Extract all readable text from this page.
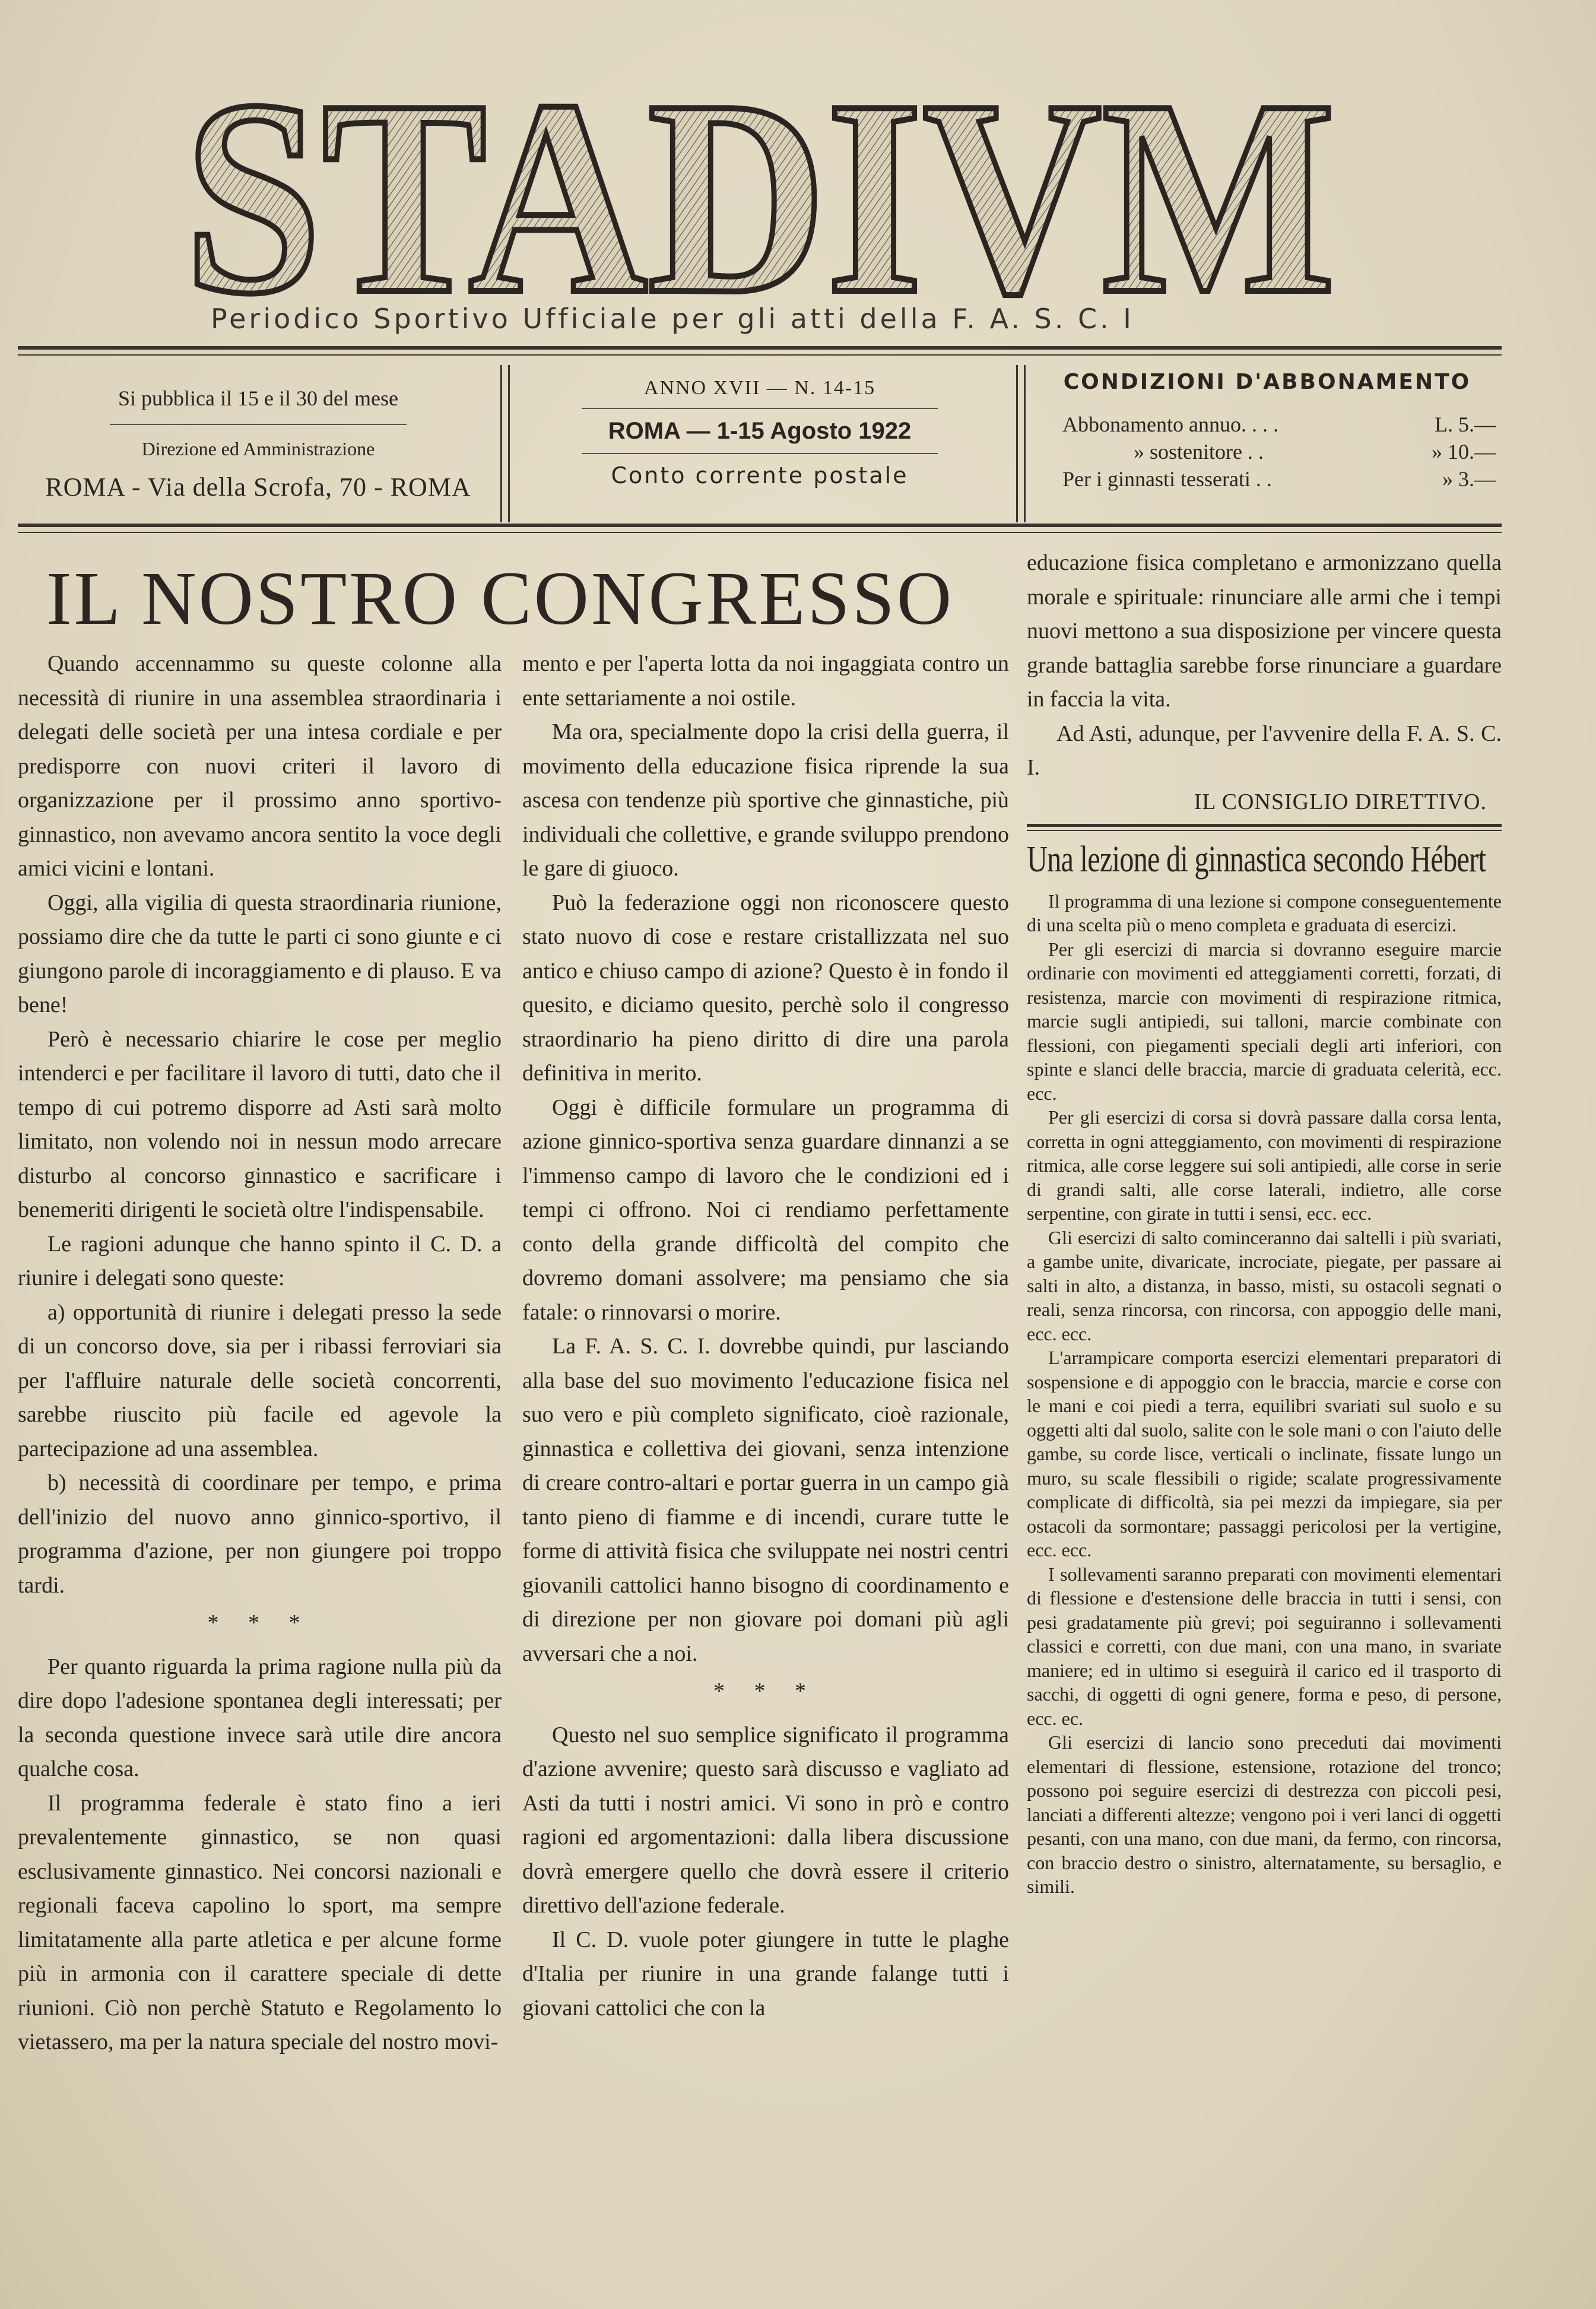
STADIVM
Periodico Sportivo Ufficiale per gli atti della F. A. S. C. I
Si pubblica il 15 e il 30 del mese
Direzione ed Amministrazione
ROMA - Via della Scrofa, 70 - ROMA
ANNO XVII — N. 14-15
ROMA — 1-15 Agosto 1922
Conto corrente postale
CONDIZIONI D'ABBONAMENTO
Abbonamento annuo. . . .	L. 5.—
» sostenitore . .	» 10.—
Per i ginnasti tesserati . .	» 3.—
IL NOSTRO CONGRESSO

Quando accennammo su queste colonne alla necessità di riunire in una assemblea straordinaria i delegati delle società per una intesa cordiale e per predisporre con nuovi criteri il lavoro di organizzazione per il prossimo anno sportivo-ginnastico, non avevamo ancora sentito la voce degli amici vicini e lontani.

Oggi, alla vigilia di questa straordinaria riunione, possiamo dire che da tutte le parti ci sono giunte e ci giungono parole di incoraggiamento e di plauso. E va bene!

Però è necessario chiarire le cose per meglio intenderci e per facilitare il lavoro di tutti, dato che il tempo di cui potremo disporre ad Asti sarà molto limitato, non volendo noi in nessun modo arrecare disturbo al concorso ginnastico e sacrificare i benemeriti dirigenti le società oltre l'indispensabile.

Le ragioni adunque che hanno spinto il C. D. a riunire i delegati sono queste:

a) opportunità di riunire i delegati presso la sede di un concorso dove, sia per i ribassi ferroviari sia per l'affluire naturale delle società concorrenti, sarebbe riuscito più facile ed agevole la partecipazione ad una assemblea.

b) necessità di coordinare per tempo, e prima dell'inizio del nuovo anno ginnico-sportivo, il programma d'azione, per non giungere poi troppo tardi.

* * *

Per quanto riguarda la prima ragione nulla più da dire dopo l'adesione spontanea degli interessati; per la seconda questione invece sarà utile dire ancora qualche cosa.

Il programma federale è stato fino a ieri prevalentemente ginnastico, se non quasi esclusivamente ginnastico. Nei concorsi nazionali e regionali faceva capolino lo sport, ma sempre limitatamente alla parte atletica e per alcune forme più in armonia con il carattere speciale di dette riunioni. Ciò non perchè Statuto e Regolamento lo vietassero, ma per la natura speciale del nostro movi-

mento e per l'aperta lotta da noi ingaggiata contro un ente settariamente a noi ostile.

Ma ora, specialmente dopo la crisi della guerra, il movimento della educazione fisica riprende la sua ascesa con tendenze più sportive che ginnastiche, più individuali che collettive, e grande sviluppo prendono le gare di giuoco.

Può la federazione oggi non riconoscere questo stato nuovo di cose e restare cristallizzata nel suo antico e chiuso campo di azione? Questo è in fondo il quesito, e diciamo quesito, perchè solo il congresso straordinario ha pieno diritto di dire una parola definitiva in merito.

Oggi è difficile formulare un programma di azione ginnico-sportiva senza guardare dinnanzi a se l'immenso campo di lavoro che le condizioni ed i tempi ci offrono. Noi ci rendiamo perfettamente conto della grande difficoltà del compito che dovremo domani assolvere; ma pensiamo che sia fatale: o rinnovarsi o morire.

La F. A. S. C. I. dovrebbe quindi, pur lasciando alla base del suo movimento l'educazione fisica nel suo vero e più completo significato, cioè razionale, ginnastica e collettiva dei giovani, senza intenzione di creare contro-altari e portar guerra in un campo già tanto pieno di fiamme e di incendi, curare tutte le forme di attività fisica che sviluppate nei nostri centri giovanili cattolici hanno bisogno di coordinamento e di direzione per non giovare poi domani più agli avversari che a noi.

* * *

Questo nel suo semplice significato il programma d'azione avvenire; questo sarà discusso e vagliato ad Asti da tutti i nostri amici. Vi sono in prò e contro ragioni ed argomentazioni: dalla libera discussione dovrà emergere quello che dovrà essere il criterio direttivo dell'azione federale.

Il C. D. vuole poter giungere in tutte le plaghe d'Italia per riunire in una grande falange tutti i giovani cattolici che con la

educazione fisica completano e armonizzano quella morale e spirituale: rinunciare alle armi che i tempi nuovi mettono a sua disposizione per vincere questa grande battaglia sarebbe forse rinunciare a guardare in faccia la vita.

Ad Asti, adunque, per l'avvenire della F. A. S. C. I.

IL CONSIGLIO DIRETTIVO.
Una lezione di ginnastica secondo Hébert

Il programma di una lezione si compone conseguentemente di una scelta più o meno completa e graduata di esercizi.

Per gli esercizi di marcia si dovranno eseguire marcie ordinarie con movimenti ed atteggiamenti corretti, forzati, di resistenza, marcie con movimenti di respirazione ritmica, marcie sugli antipiedi, sui talloni, marcie combinate con flessioni, con piegamenti speciali degli arti inferiori, con spinte e slanci delle braccia, marcie di graduata celerità, ecc. ecc.

Per gli esercizi di corsa si dovrà passare dalla corsa lenta, corretta in ogni atteggiamento, con movimenti di respirazione ritmica, alle corse leggere sui soli antipiedi, alle corse in serie di grandi salti, alle corse laterali, indietro, alle corse serpentine, con girate in tutti i sensi, ecc. ecc.

Gli esercizi di salto cominceranno dai saltelli i più svariati, a gambe unite, divaricate, incrociate, piegate, per passare ai salti in alto, a distanza, in basso, misti, su ostacoli segnati o reali, senza rincorsa, con rincorsa, con appoggio delle mani, ecc. ecc.

L'arrampicare comporta esercizi elementari preparatori di sospensione e di appoggio con le braccia, marcie e corse con le mani e coi piedi a terra, equilibri svariati sul suolo e su oggetti alti dal suolo, salite con le sole mani o con l'aiuto delle gambe, su corde lisce, verticali o inclinate, fissate lungo un muro, su scale flessibili o rigide; scalate progressivamente complicate di difficoltà, sia pei mezzi da impiegare, sia per ostacoli da sormontare; passaggi pericolosi per la vertigine, ecc. ecc.

I sollevamenti saranno preparati con movimenti elementari di flessione e d'estensione delle braccia in tutti i sensi, con pesi gradatamente più grevi; poi seguiranno i sollevamenti classici e corretti, con due mani, con una mano, in svariate maniere; ed in ultimo si eseguirà il carico ed il trasporto di sacchi, di oggetti di ogni genere, forma e peso, di persone, ecc. ec.

Gli esercizi di lancio sono preceduti dai movimenti elementari di flessione, estensione, rotazione del tronco; possono poi seguire esercizi di destrezza con piccoli pesi, lanciati a differenti altezze; vengono poi i veri lanci di oggetti pesanti, con una mano, con due mani, da fermo, con rincorsa, con braccio destro o sinistro, alternatamente, su bersaglio, e simili.
